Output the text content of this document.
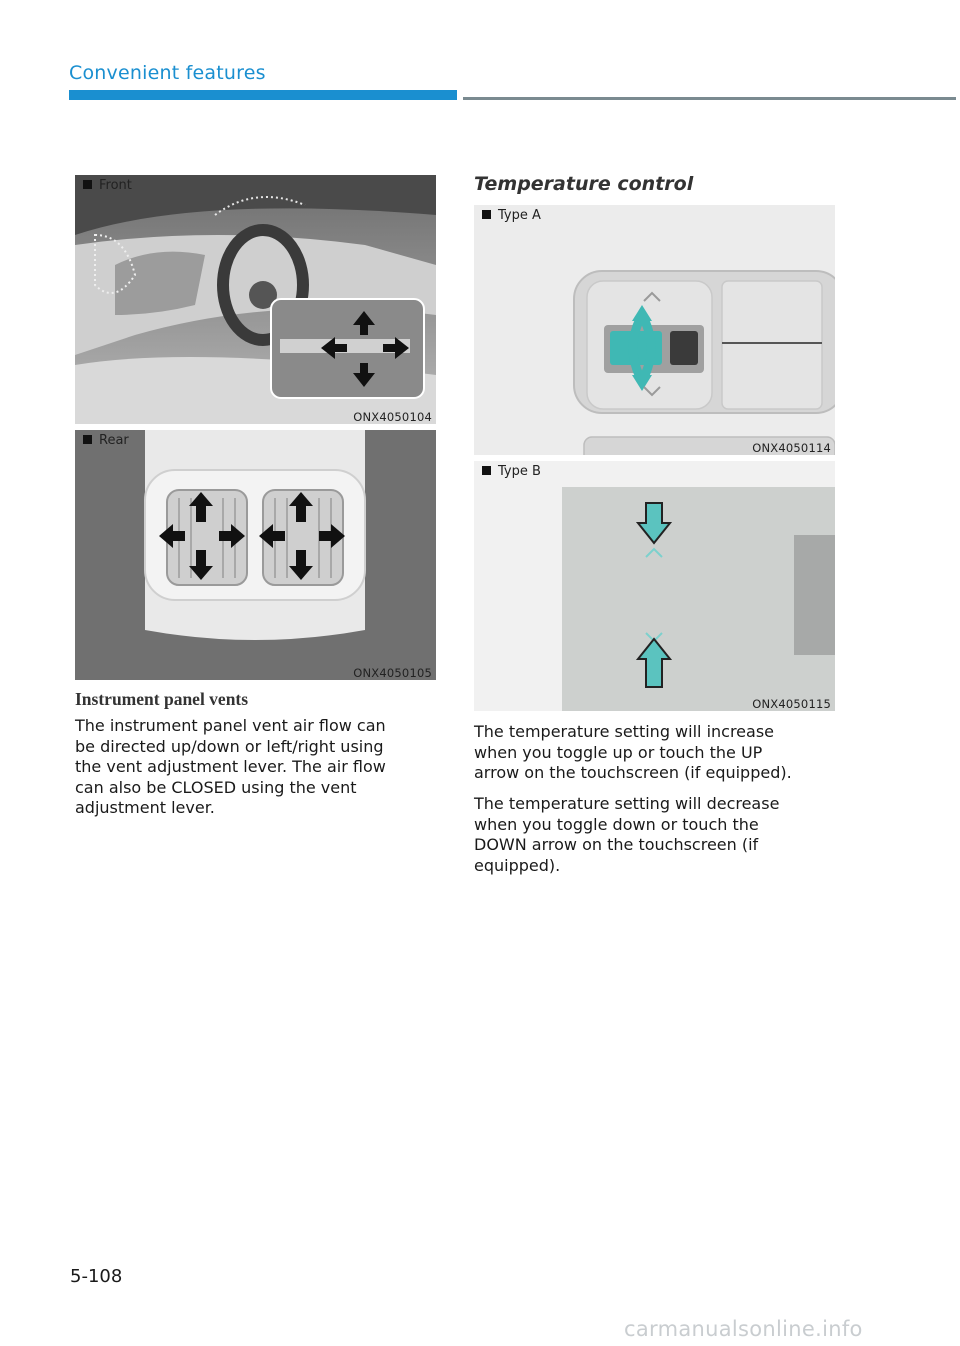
Convenient features
Front
ONX4050104
Rear
ONX4050105
Instrument panel vents
The instrument panel vent air flow can
be directed up/down or left/right using
the vent adjustment lever. The air flow
can also be CLOSED using the vent
adjustment lever.
Temperature control
Type A
ONX4050114
Type B
ONX4050115
The temperature setting will increase
when you toggle up or touch the UP
arrow on the touchscreen (if equipped).
The temperature setting will decrease
when you toggle down or touch the
DOWN arrow on the touchscreen (if
equipped).
5-108
carmanualsonline.info
